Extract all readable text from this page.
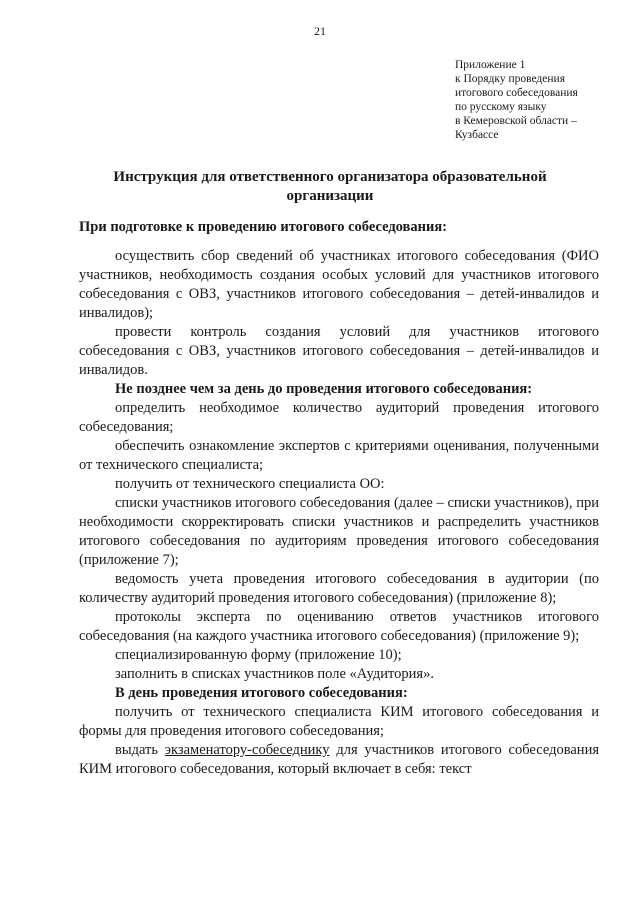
21
Приложение 1
к Порядку проведения
итогового собеседования
по русскому языку
в Кемеровской области –
Кузбассе
Инструкция для ответственного организатора образовательной организации

При подготовке к проведению итогового собеседования:

осуществить сбор сведений об участниках итогового собеседования (ФИО участников, необходимость создания особых условий для участников итогового собеседования с ОВЗ, участников итогового собеседования – детей-инвалидов и инвалидов);

провести контроль создания условий для участников итогового собеседования с ОВЗ, участников итогового собеседования – детей-инвалидов и инвалидов.

Не позднее чем за день до проведения итогового собеседования:

определить необходимое количество аудиторий проведения итогового собеседования;

обеспечить ознакомление экспертов с критериями оценивания, полученными от технического специалиста;

получить от технического специалиста ОО:

списки участников итогового собеседования (далее – списки участников), при необходимости скорректировать списки участников и распределить участников итогового собеседования по аудиториям проведения итогового собеседования (приложение 7);

ведомость учета проведения итогового собеседования в аудитории (по количеству аудиторий проведения итогового собеседования) (приложение 8);

протоколы эксперта по оцениванию ответов участников итогового собеседования (на каждого участника итогового собеседования) (приложение 9);

специализированную форму (приложение 10);

заполнить в списках участников поле «Аудитория».

В день проведения итогового собеседования:

получить от технического специалиста КИМ итогового собеседования и формы для проведения итогового собеседования;

выдать экзаменатору-собеседнику для участников итогового собеседования КИМ итогового собеседования, который включает в себя: текст
